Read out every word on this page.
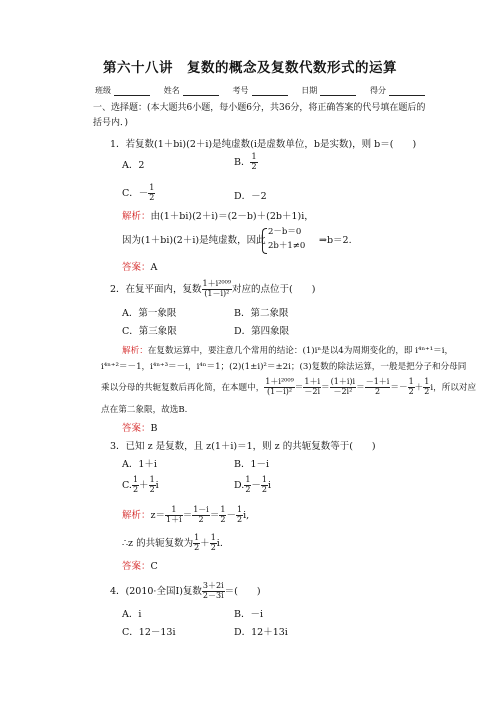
第六十八讲　复数的概念及复数代数形式的运算
班级	姓名	考号	日期	得分
一、选择题：(本大题共6小题，每小题6分，共36分，将正确答案的代号填在题后的
括号内．)
1．若复数(1＋bi)(2＋i)是纯虚数(i是虚数单位，b是实数)，则 b＝(　　)
A．2	B． $\frac{1}{2}$
C．－ $\frac{1}{2}$	D．－2
解析：由(1＋bi)(2＋i)＝(2－b)＋(2b＋1)i，
因为(1＋bi)(2＋i)是纯虚数，因此
2－b＝0
2b＋1≠0 ⇒b＝2.
答案：A
2．在复平面内，复数 $\frac{\text{1＋i²⁰⁰⁹}}{\text{(1－i)²}}$ 对应的点位于(　　)
A．第一象限	B．第二象限
C．第三象限	D．第四象限
解析：在复数运算中，要注意几个常用的结论：(1)iⁿ是以4为周期变化的，即 i⁴ⁿ⁺¹＝i，
i⁴ⁿ⁺²＝－1，i⁴ⁿ⁺³＝－i，i⁴ⁿ＝1；(2)(1±i)²＝±2i；(3)复数的除法运算，一般是把分子和分母同
乘以分母的共轭复数后再化简，在本题中， $\frac{\text{1＋i²⁰⁰⁹}}{\text{(1－i)²}} = \frac{1+i}{-2i} = \frac{(1+i)i}{\text{－2i²}} = \frac{-1+i}{2} =- \frac{1}{2} + \frac{1}{2}$ i，所以对应
点在第二象限，故选B.
答案：B
3．已知 z 是复数，且 z(1＋i)＝1，则 z 的共轭复数等于(　　)
A．1＋i	B．1－i
C. $\frac{1}{2} + \frac{1}{2}$ i	D. $\frac{1}{2} - \frac{1}{2}$ i
解析：$z= \frac{1}{1+i} = \frac{1-i}{2} = \frac{1}{2} - \frac{1}{2} i$,
∴z 的共轭复数为 $\frac{1}{2} + \frac{1}{2} i$.
答案：C
4．(2010·全国Ⅰ)复数 $\frac{3+2i}{2-3i}$ ＝(　　)
A．i	B．－i
C．12－13i	D．12＋13i
